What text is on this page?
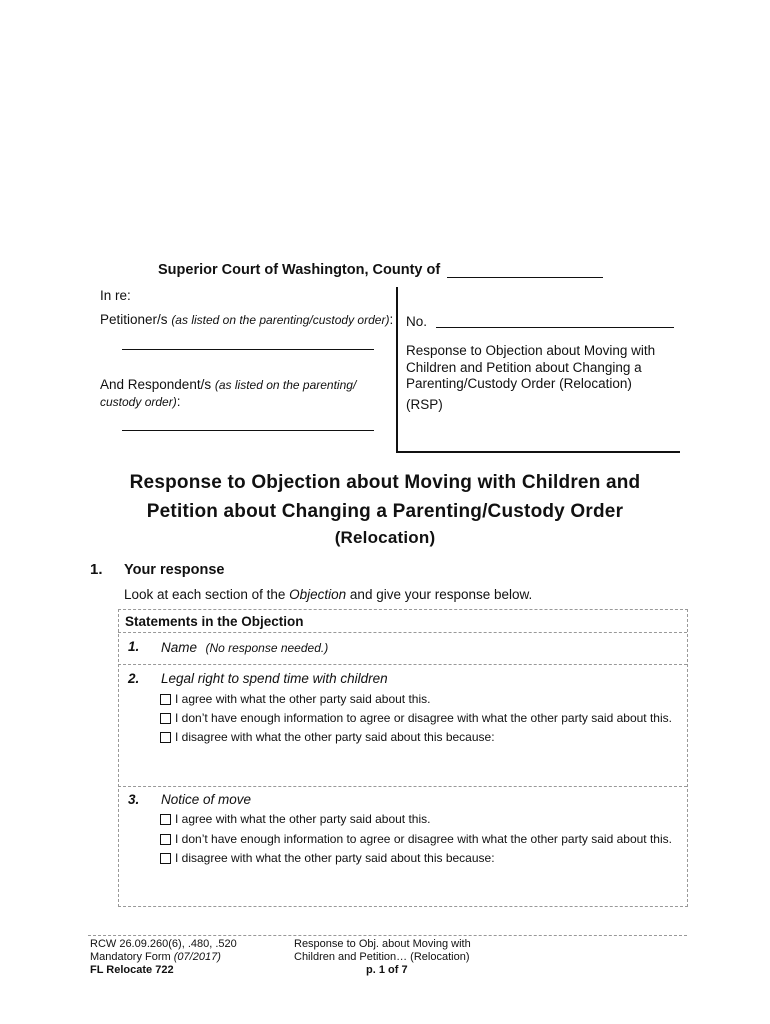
Superior Court of Washington, County of
In re:
Petitioner/s (as listed on the parenting/custody order):
And Respondent/s (as listed on the parenting/
custody order):
No.
Response to Objection about Moving with
Children and Petition about Changing a
Parenting/Custody Order (Relocation)
(RSP)
Response to Objection about Moving with Children and
Petition about Changing a Parenting/Custody Order
(Relocation)
1. Your response
Look at each section of the Objection and give your response below.
Statements in the Objection
1. Name (No response needed.)
2. Legal right to spend time with children
I agree with what the other party said about this.
I don’t have enough information to agree or disagree with what the other party said about this.
I disagree with what the other party said about this because:
3. Notice of move
I agree with what the other party said about this.
I don’t have enough information to agree or disagree with what the other party said about this.
I disagree with what the other party said about this because:
RCW 26.09.260(6), .480, .520
Mandatory Form (07/2017)
FL Relocate 722
Response to Obj. about Moving with
Children and Petition… (Relocation)
p. 1 of 7
